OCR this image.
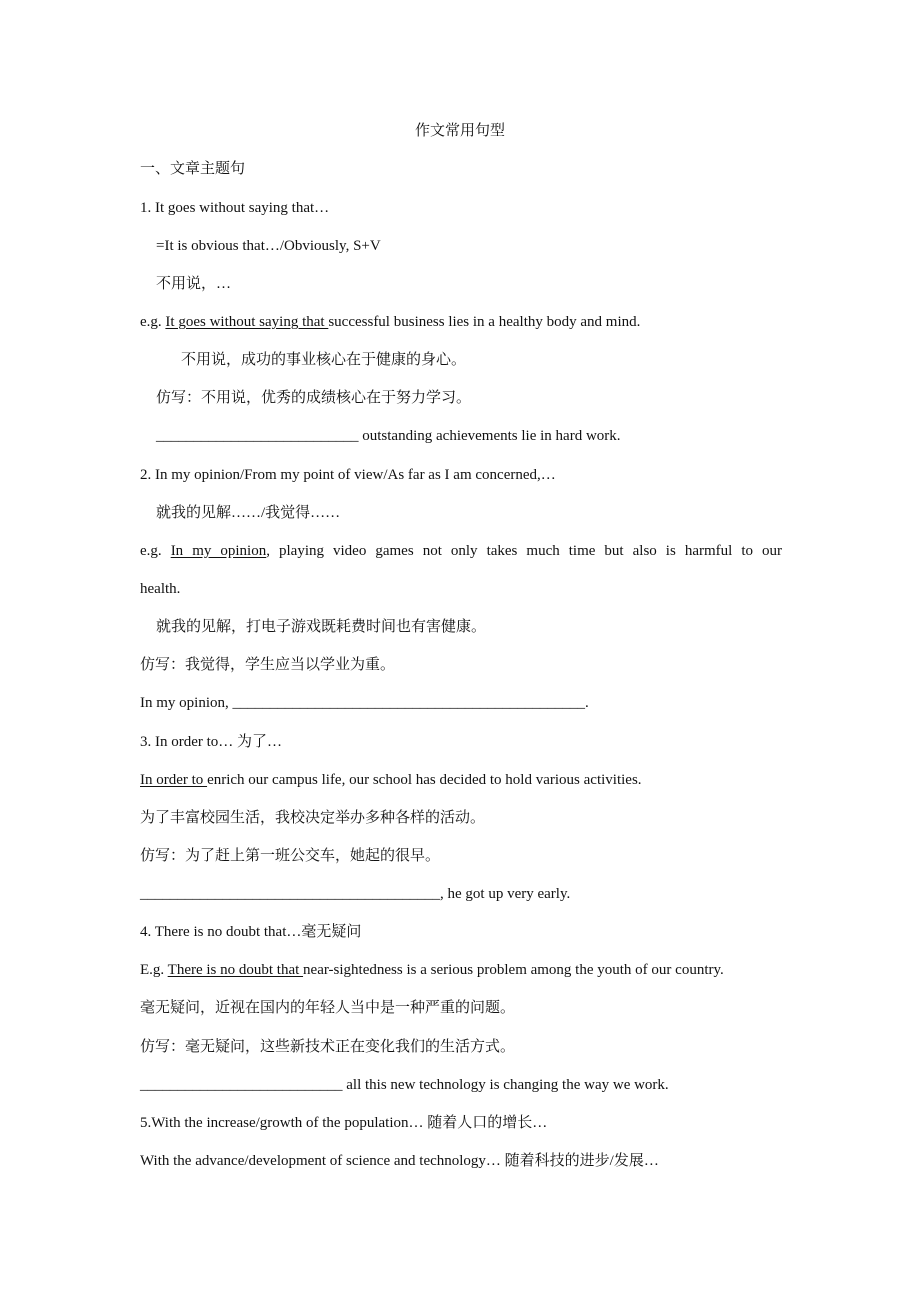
作文常用句型
一、文章主题句
1. It goes without saying that…
=It is obvious that…/Obviously, S+V
不用说，…
e.g. It goes without saying that successful business lies in a healthy body and mind.
不用说，成功的事业核心在于健康的身心。
仿写：不用说，优秀的成绩核心在于努力学习。
___________________________ outstanding achievements lie in hard work.
2. In my opinion/From my point of view/As far as I am concerned,…
就我的见解……/我觉得……
e.g. In my opinion, playing video games not only takes much time but also is harmful to our
health.
就我的见解，打电子游戏既耗费时间也有害健康。
仿写：我觉得，学生应当以学业为重。
In my opinion, _______________________________________________.
3. In order to… 为了…
In order to enrich our campus life, our school has decided to hold various activities.
为了丰富校园生活，我校决定举办多种各样的活动。
仿写：为了赶上第一班公交车，她起的很早。
________________________________________, he got up very early.
4. There is no doubt that…毫无疑问
E.g. There is no doubt that near-sightedness is a serious problem among the youth of our country.
毫无疑问，近视在国内的年轻人当中是一种严重的问题。
仿写：毫无疑问，这些新技术正在变化我们的生活方式。
___________________________ all this new technology is changing the way we work.
5.With the increase/growth of the population… 随着人口的增长…
With the advance/development of science and technology… 随着科技的进步/发展…
